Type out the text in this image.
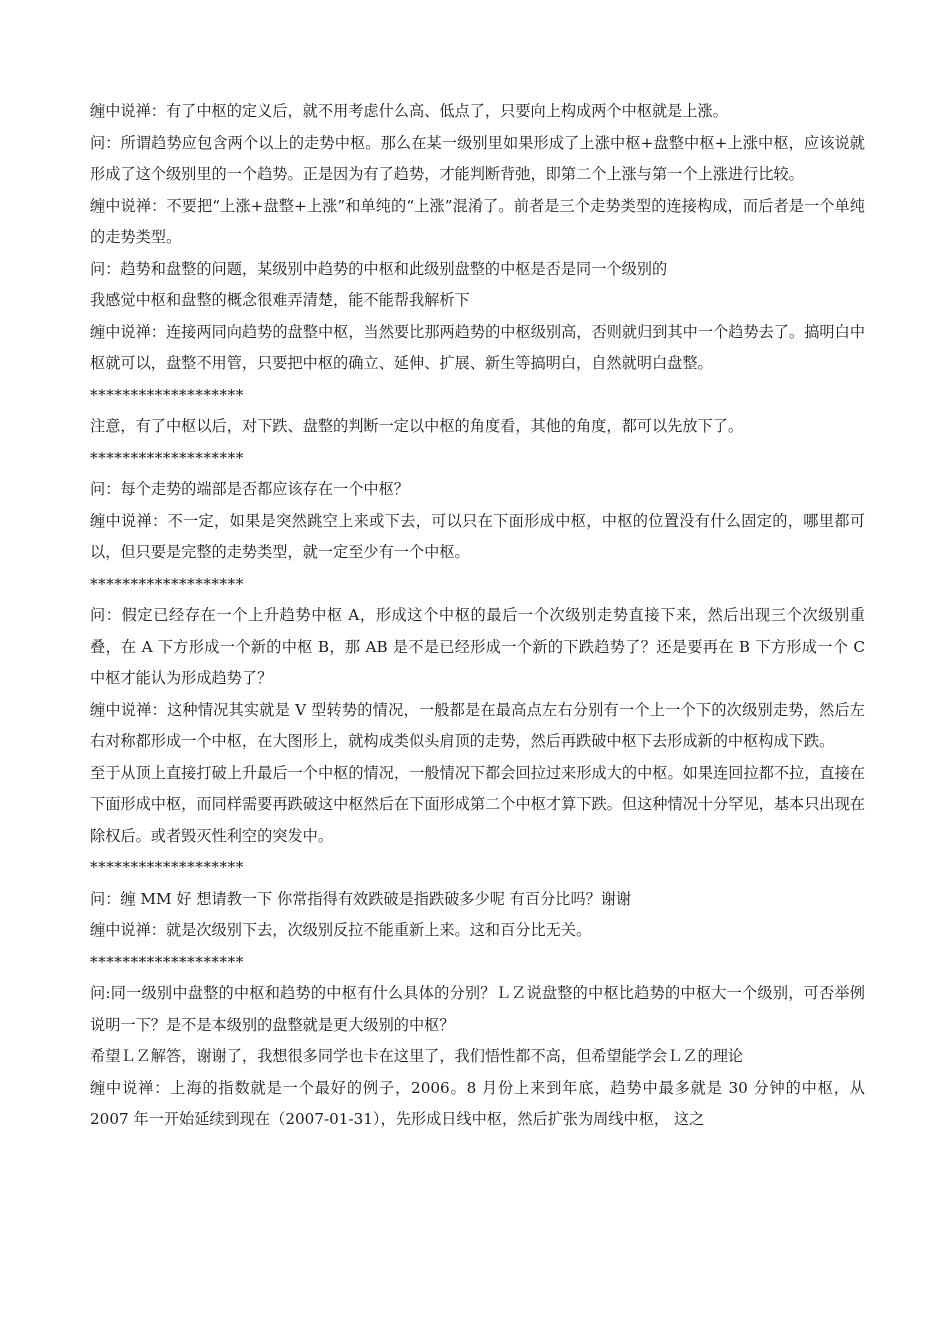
缠中说禅：有了中枢的定义后，就不用考虑什么高、低点了，只要向上构成两个中枢就是上涨。

问：所谓趋势应包含两个以上的走势中枢。那么在某一级别里如果形成了上涨中枢+盘整中枢+上涨中枢，应该说就形成了这个级别里的一个趋势。正是因为有了趋势，才能判断背弛，即第二个上涨与第一个上涨进行比较。

缠中说禅：不要把“上涨+盘整+上涨”和单纯的“上涨”混淆了。前者是三个走势类型的连接构成，而后者是一个单纯的走势类型。

问：趋势和盘整的问题，某级别中趋势的中枢和此级别盘整的中枢是否是同一个级别的

我感觉中枢和盘整的概念很难弄清楚，能不能帮我解析下

缠中说禅：连接两同向趋势的盘整中枢，当然要比那两趋势的中枢级别高，否则就归到其中一个趋势去了。搞明白中枢就可以，盘整不用管，只要把中枢的确立、延伸、扩展、新生等搞明白，自然就明白盘整。

*******************

注意，有了中枢以后，对下跌、盘整的判断一定以中枢的角度看，其他的角度，都可以先放下了。

*******************

问：每个走势的端部是否都应该存在一个中枢？

缠中说禅：不一定，如果是突然跳空上来或下去，可以只在下面形成中枢，中枢的位置没有什么固定的，哪里都可以，但只要是完整的走势类型，就一定至少有一个中枢。

*******************

问：假定已经存在一个上升趋势中枢 A，形成这个中枢的最后一个次级别走势直接下来，然后出现三个次级别重叠，在 A 下方形成一个新的中枢 B，那 AB 是不是已经形成一个新的下跌趋势了？还是要再在 B 下方形成一个 C 中枢才能认为形成趋势了？

缠中说禅：这种情况其实就是 V 型转势的情况，一般都是在最高点左右分别有一个上一个下的次级别走势，然后左右对称都形成一个中枢，在大图形上，就构成类似头肩顶的走势，然后再跌破中枢下去形成新的中枢构成下跌。

至于从顶上直接打破上升最后一个中枢的情况，一般情况下都会回拉过来形成大的中枢。如果连回拉都不拉，直接在下面形成中枢，而同样需要再跌破这中枢然后在下面形成第二个中枢才算下跌。但这种情况十分罕见，基本只出现在除权后。或者毁灭性利空的突发中。

*******************

问：缠 MM 好 想请教一下 你常指得有效跌破是指跌破多少呢 有百分比吗？谢谢

缠中说禅：就是次级别下去，次级别反拉不能重新上来。这和百分比无关。

*******************

问:同一级别中盘整的中枢和趋势的中枢有什么具体的分别？ＬＺ说盘整的中枢比趋势的中枢大一个级别，可否举例说明一下？是不是本级别的盘整就是更大级别的中枢？

希望ＬＺ解答，谢谢了，我想很多同学也卡在这里了，我们悟性都不高，但希望能学会ＬＺ的理论

缠中说禅：上海的指数就是一个最好的例子，2006。8 月份上来到年底，趋势中最多就是 30 分钟的中枢，从 2007 年一开始延续到现在（2007-01-31），先形成日线中枢，然后扩张为周线中枢， 这之
